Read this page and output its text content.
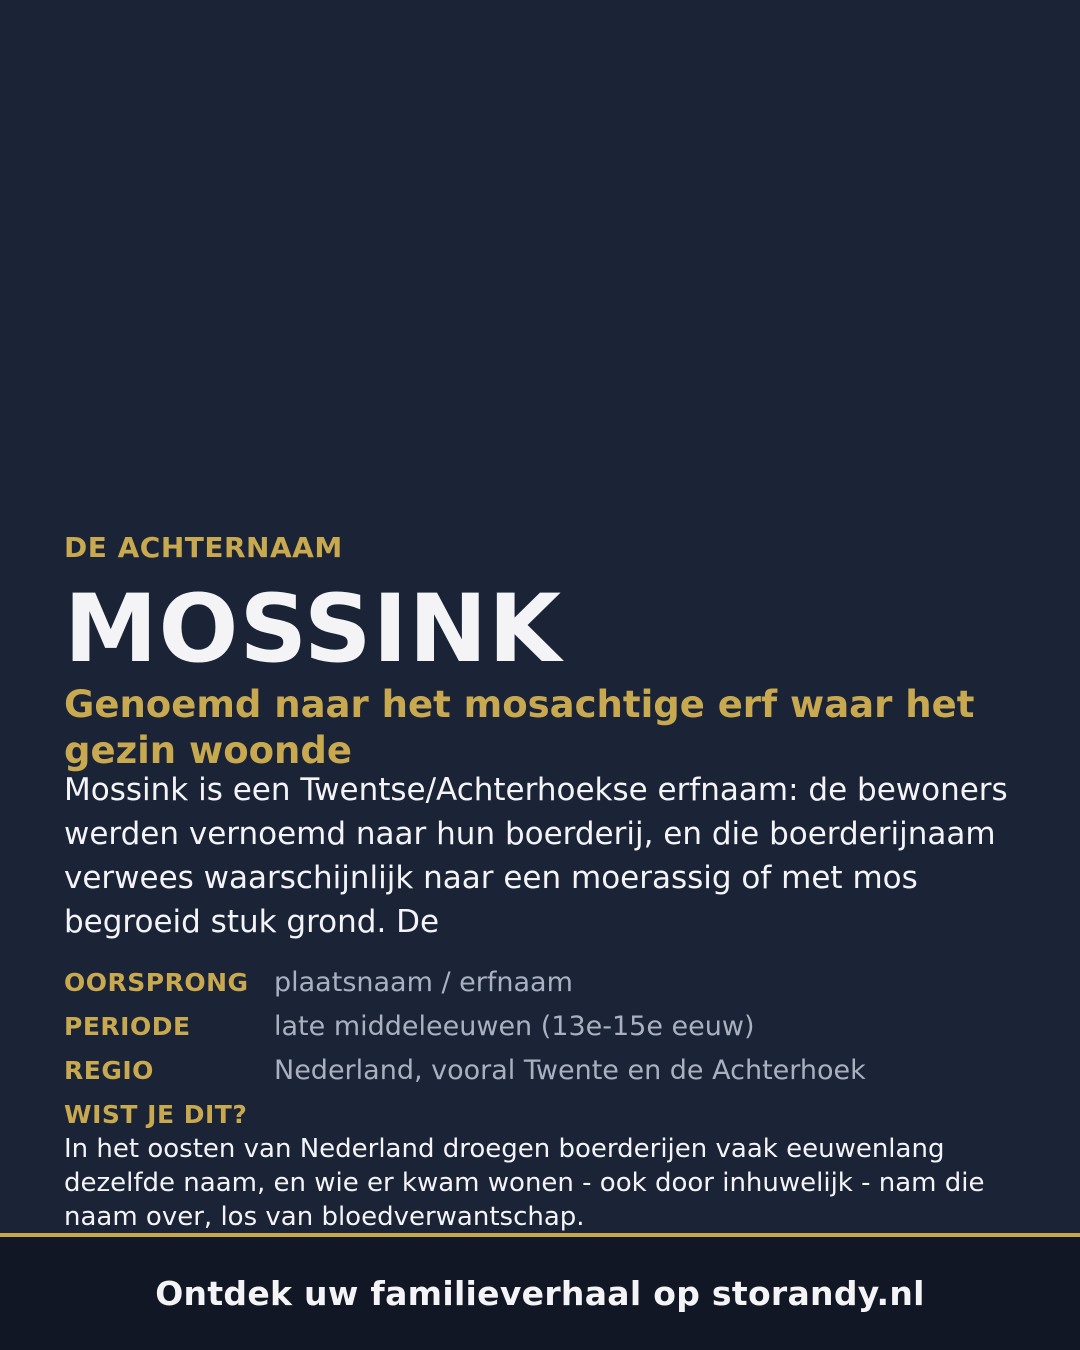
DE ACHTERNAAM

MOSSINK
Genoemd naar het mosachtige erf waar het gezin woonde

Mossink is een Twentse/Achterhoekse erfnaam: de bewoners werden vernoemd naar hun boerderij, en die boerderijnaam verwees waarschijnlijk naar een moerassig of met mos begroeid stuk grond. De

OORSPRONG plaatsnaam / erfnaam
PERIODE	late middeleeuwen (13e-15e eeuw)
REGIO	Nederland, vooral Twente en de Achterhoek

WIST JE DIT?

In het oosten van Nederland droegen boerderijen vaak eeuwenlang dezelfde naam, en wie er kwam wonen - ook door inhuwelijk - nam die naam over, los van bloedverwantschap.

Ontdek uw familieverhaal op storandy.nl
